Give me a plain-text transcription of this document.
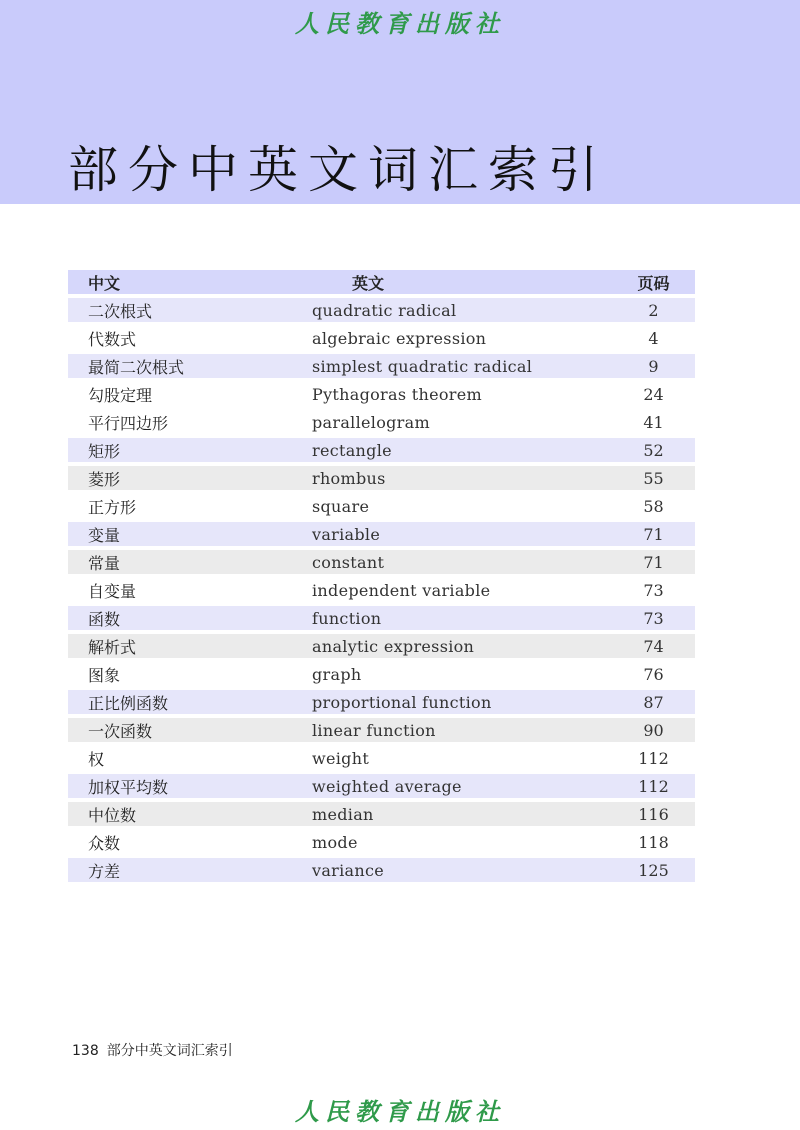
人民教育出版社
部分中英文词汇索引
中文	英文	页码
二次根式	quadratic radical	2
代数式	algebraic expression	4
最简二次根式	simplest quadratic radical	9
勾股定理	Pythagoras theorem	24
平行四边形	parallelogram	41
矩形	rectangle	52
菱形	rhombus	55
正方形	square	58
变量	variable	71
常量	constant	71
自变量	independent variable	73
函数	function	73
解析式	analytic expression	74
图象	graph	76
正比例函数	proportional function	87
一次函数	linear function	90
权	weight	112
加权平均数	weighted average	112
中位数	median	116
众数	mode	118
方差	variance	125
138 部分中英文词汇索引
人民教育出版社
